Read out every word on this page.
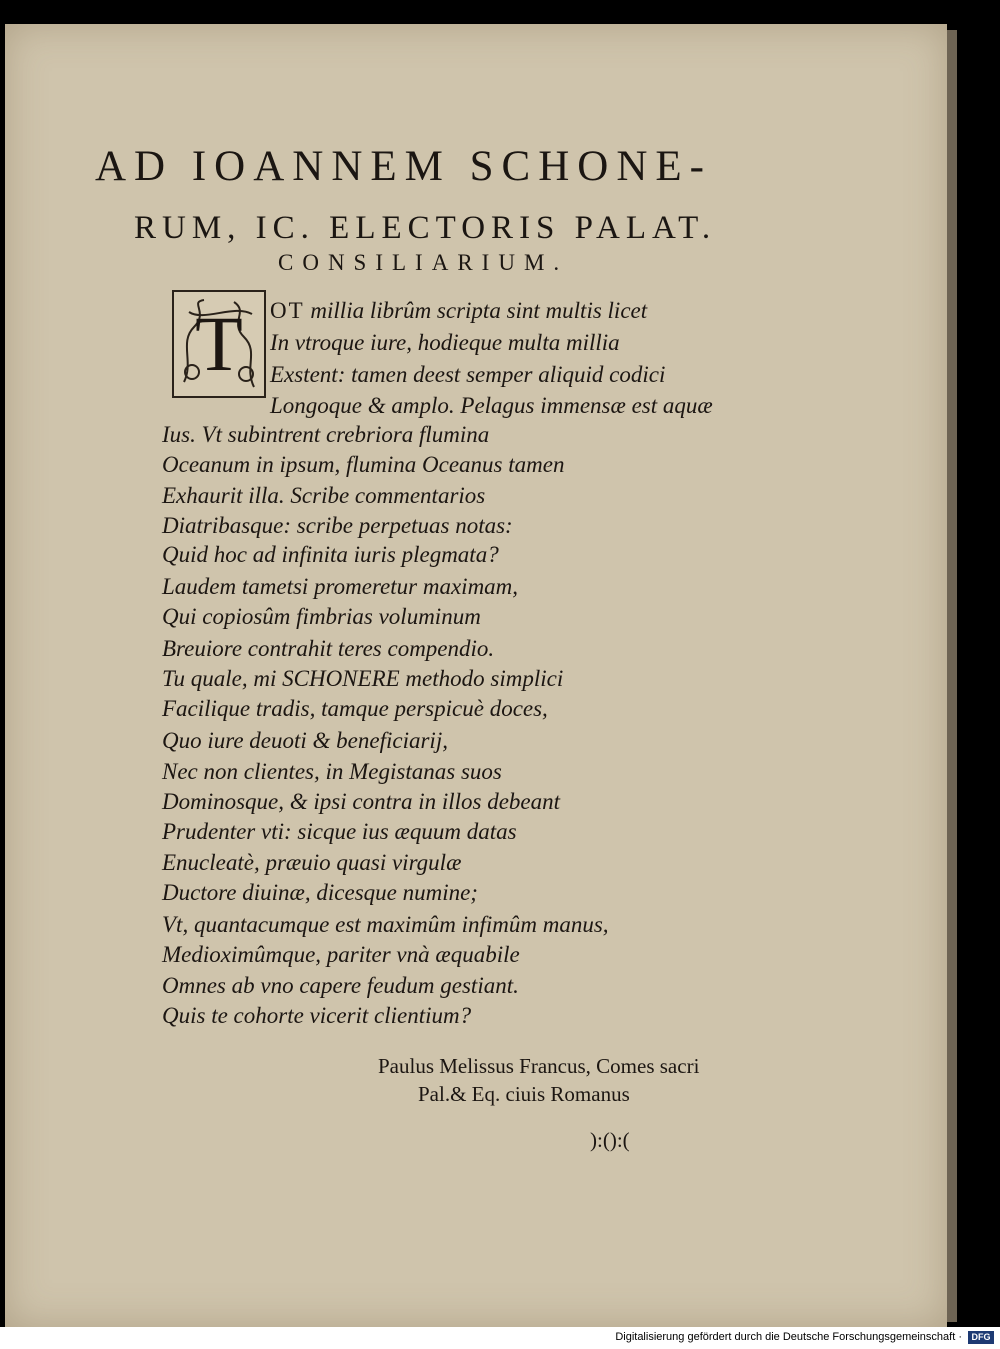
AD IOANNEM SCHONE-
RUM, IC. ELECTORIS PALAT.
CONSILIARIUM.
T OT millia librûm scripta sint multis licet
In vtroque iure, hodieque multa millia
Exstent: tamen deest semper aliquid codici
Longoque & amplo. Pelagus immensæ est aquæ
Ius. Vt subintrent crebriora flumina
Oceanum in ipsum, flumina Oceanus tamen
Exhaurit illa. Scribe commentarios
Diatribasque: scribe perpetuas notas:
Quid hoc ad infinita iuris plegmata?
Laudem tametsi promeretur maximam,
Qui copiosûm fimbrias voluminum
Breuiore contrahit teres compendio.
Tu quale, mi SCHONERE methodo simplici
Facilique tradis, tamque perspicuè doces,
Quo iure deuoti & beneficiarij,
Nec non clientes, in Megistanas suos
Dominosque, & ipsi contra in illos debeant
Prudenter vti: sicque ius æquum datas
Enucleatè, præuio quasi virgulæ
Ductore diuinæ, dicesque numine;
Vt, quantacumque est maximûm infimûm manus,
Medioximûmque, pariter vnà æquabile
Omnes ab vno capere feudum gestiant.
Quis te cohorte vicerit clientium?
Paulus Melissus Francus, Comes sacri
Pal.& Eq. ciuis Romanus
):():(
Digitalisierung gefördert durch die Deutsche Forschungsgemeinschaft ·	DFG
